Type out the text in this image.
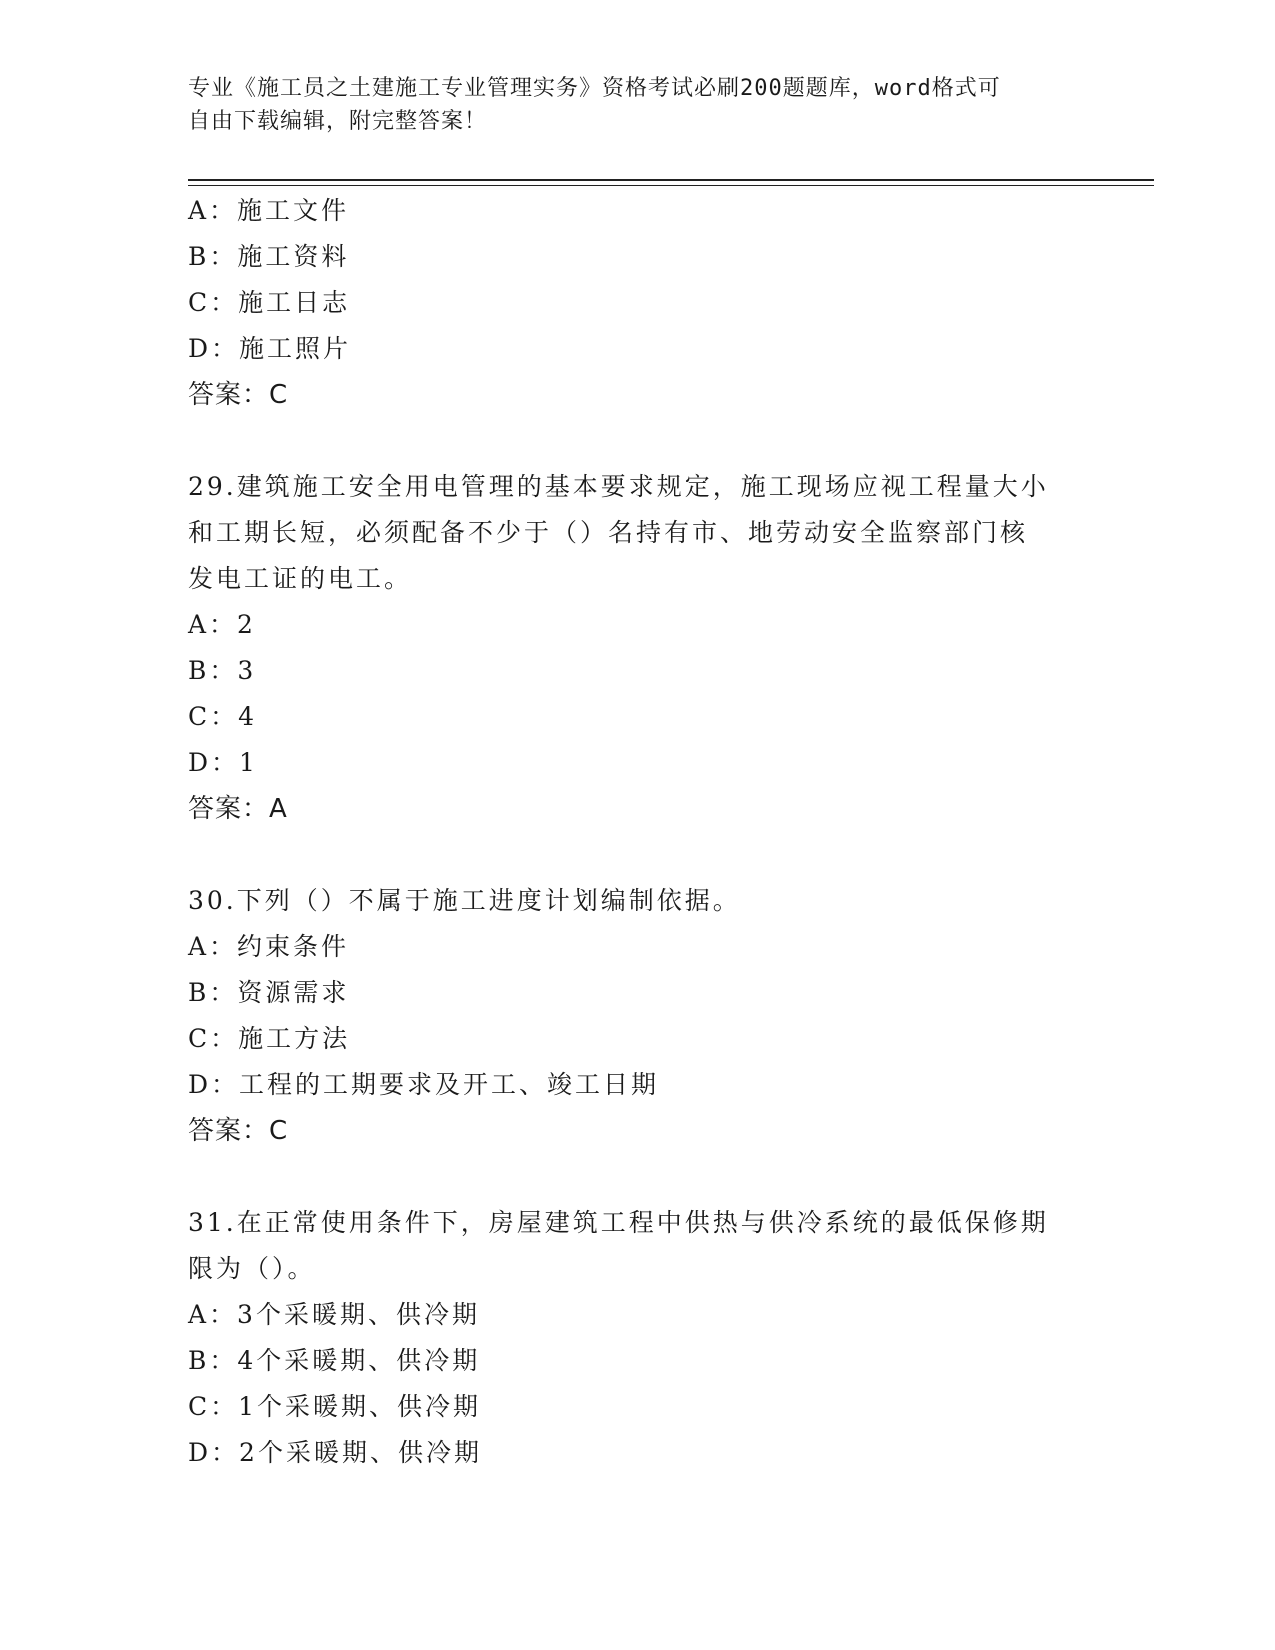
专业《施工员之土建施工专业管理实务》资格考试必刷200题题库，word格式可
自由下载编辑，附完整答案！
A：施工文件
B：施工资料
C：施工日志
D：施工照片
答案：C
29.建筑施工安全用电管理的基本要求规定，施工现场应视工程量大小
和工期长短，必须配备不少于（）名持有市、地劳动安全监察部门核
发电工证的电工。
A：2
B：3
C：4
D：1
答案：A
30.下列（）不属于施工进度计划编制依据。
A：约束条件
B：资源需求
C：施工方法
D：工程的工期要求及开工、竣工日期
答案：C
31.在正常使用条件下，房屋建筑工程中供热与供冷系统的最低保修期
限为（）。
A：3个采暖期、供冷期
B：4个采暖期、供冷期
C：1个采暖期、供冷期
D：2个采暖期、供冷期
